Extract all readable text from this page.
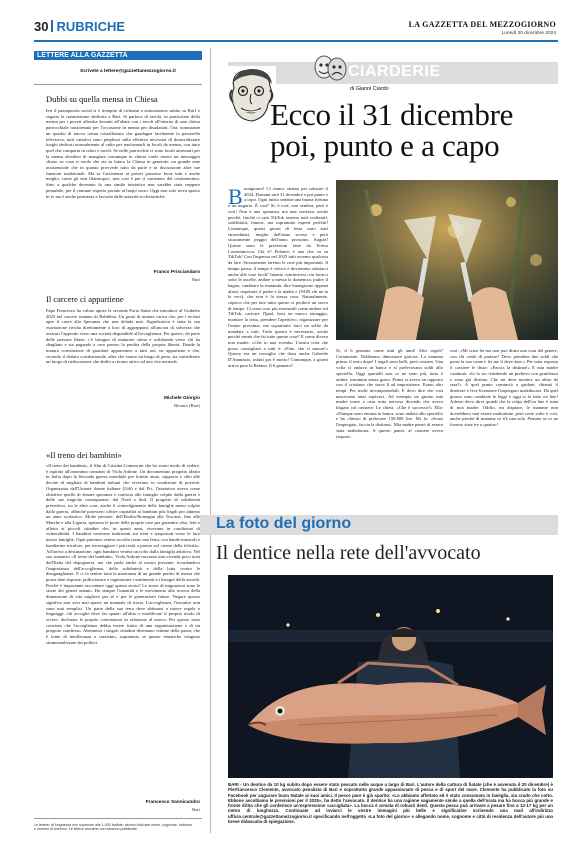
30 RUBRICHE	LA GAZZETTA DEL MEZZOGIORNO
Lunedì 30 dicembre 2024
LETTERE ALLA GAZZETTA
Scrivete a lettere@gazzettamezzogiorno.it
Dubbi su quella mensa in Chiesa
Ieri il passaparola social si è riempito di richiami a sintonizzarsi subito su Rai1 e seguire la trasmissione dedicata a Bari. Si parlava di tavola, in particolare della mensa per i poveri allestita davanti all'altare con i tavoli all'interno di una chiesa parrocchiale trasformata per l'occasione in mensa per disadattati. Ora, nonostante un quadro di nuovo ormai cristallizzato che guadagna facilmente la passerella televisiva, tutti cattolici sono perplessi sulla effettiva necessità di desacralizzare luoghi dedicati normalmente al culto per trasformarli in locali da mensa, con tutto quel che comporta in odori e tavoli. Se nelle parrocchie ci sono locali attrezzati per la mensa desidero di mangiare comunque in chiesa vuole essere un messaggio chiaro su cosa si vuole che sia in futuro la Chiesa in generale: un grande ente assistenziale che in quanto provvede tutto da parte e in discussione altre sue funzioni tradizionali. Ma se l'assistenza ai poveri passasse forse tutti e anche meglio, come gli enti filantropici, non così è per il contenuto del cristianesimo. Sino a qualche decennio fa una simile iniziativa non sarebbe stata neppure pensabile, per il comune rispetto portato al luogo sacro. Oggi non solo trova spazio in tv ma è anche permessa e favorita dalle autorità ecclesiastiche.
Franco Prisciandaro
Bari
Il carcere ci appartiene
Papa Francesco ha voluto aprire la seconda Porta Santa che introduce al Giubileo 2025 nel carcere romano di Rebibbia. Un gesto di unione carica che, per i reclusi apre il cuore alla Speranza che non delude mai. Significativa è stata la sua esortazione rivolta direttamente a loro di aggrapparsi all'ancora di salvezza che assicuri l'approdo verso una società disponibile all'accoglienza. Per questo, da parte delle persone libere, c'è bisogno di maturare stima e solidarietà verso chi ha sbagliato e sta pagando a caro prezzo la perdita della propria libertà. Donde la matura convinzione di guardare appartenere a tutti noi, ne appartiene e che, secondo il dettato costituzionale, altre che essere un luogo di pena, sia considerato un luogo di rieducazione che abiliti a ritorno attivo ad una vita normale.
Michele Giorgio
Bitonto (Bari)
«Il treno dei bambini»
«Il treno dei bambini», il film di Cristina Comencini che ho avuto modo di vedere, è ispirato all'omonimo romanzo di Viola Ardone. Un documentato progetto ideato in Italia dopo la Seconda guerra mondiale per fornire aiuto, supporto e cibo alle decine di migliaia di bambini italiani che vivevano in condizioni di povertà. Organizzata dall'Unione donne italiane (Udi) e dal Pci, l'iniziativa aveva come obiettivo quello di donare speranza e conforto alle famiglie colpite dalla guerra e dalle sue tragiche conseguenze, dal Nord a Sud. Il progetto di solidarietà prevedeva, tra le altre cose, anche il coinvolgimento delle famiglie meno colpite dalla guerra, affinché potessero offrire ospitalità ai bambini più fragili per almeno un anno scolastico. Molte persone, dell'Emilia-Romagna alla Toscana, fino alle Marche e alla Liguria, aprirono le porte delle proprie case per garantire cibo, letti e affetto ai piccoli cittadini che, in questi anni, vivevano in condizioni di vulnerabilità. I bambini venivano indirizzati sui treni e trasportati verso le loro nuove famiglie. Ogni partenza veniva accolta come una festa, con bande musicali e bandierine tricolore, per incoraggiare i più restii a partire sul «treno della felicità». All'arrivo a destinazione, ogni bambino veniva raccolto dalla famiglia adottiva. Nel suo romanzo «Il treno dei bambini», Viola Ardone racconta una vicenda poco nota dell'Italia del dopoguerra, ma che parla anche al nostro presente, ricordandoci l'importanza dell'accoglienza, della solidarietà e della lotta contro le disuguaglianze. E ci fa sentire tutta la mancanza di un grande partito di massa che possa dare risposte, politicizzare e organizzare i sentimenti e i bisogni della società. Perché è importante raccontare oggi questa storia? Le storie di migrazioni sono le storie dei generi umano. Ha sempre l'umanità e le movimento alla ricerca della dimensione di vita migliore per sé e per le generazioni future. Negare questo significa non aver mai aperto un manuale di storia. L'accoglienza, l'incontro non sono mai semplici. Un parte della sua terra deve abituarsi a nuove regole e linguaggi; chi accoglie deve far spazio all'altro e modificare il proprio modo di vivere, declinare le proprie convinzioni in relazione al nuovo. Per questo sono convinto che l'accoglienza debba essere frutto di una organizzazione e di un progetto condiviso. Altrimenti i singoli cittadini diventano vittime della paura, che è fonte di intolleranza e razzismo, soprattutto se queste tematiche vengono strumentalizzate dai politici.
Francesco Sannicandro
Bari
Le lettere, di lunghezza non superiore alle 1.000 battute, devono indicare nome, cognome, indirizzo e numero di telefono. Le lettere anonime non saranno pubblicate.
CIARDERIE
di Gianni Ciardo
Ecco il 31 dicembre
poi, punto e a capo
B uongiorno! Ci siamo: stiamo per salutare il 2024. Domani sarà 31 dicembre e poi punto e a capo. Ogni inizio sembra una buona fortuna o un augurio. È così? Sì, è così, non sembra, però è così! Non è una speranza, ma una certezza, anche perché, finché ci sarà TikTok saremo tutti realizzati, soddisfatti, famosi, ma soprattutto esperti perfetti! Comunque, questi giorni di festa sono stati straordinari, meglio dell'anno scorso e però sicuramente peggio dell'anno prossimo. Auguri! Queste sono le previsioni fatte da Teresa Lavenninocca. Chi è? Fidatevi è una che va su TikTok! Con l'ingresso nel 2025 tutti avremo qualcosa da fare. Sicuramente faremo le cose più importanti. Il tempo passa, il tempo è veloce e dovremmo adattarci anche alle cose facili! Intanto cominciresi con lavarci sotto le ascelle, andare a messa la domenica, pulire il bagno, cambiare la mutanda, dire buongiorno appena alzati, rispettare il padre e la madre e (NON chi ne fa le veci), che non è la stessa cosa. Naturalmente, capisco che per fare tutto questo ci perderò un sacco di tempo. Ci sono cose più essenziali come andare sul TikTok, caricare l'Ipad, farsi un nuovo tatuaggio, montare la testa, prendere l'aperitivo, organizzare per l'estate prossima, ma soprattutto farci un selfie da mandare a tutti. Tutto questo è necessario, anche perché sennò che fai tutte queste cose? E come diceva mia madre: «Che io una scenda» L'unica cosa che posso consigliare a tutti è: «Fate, che ci muore!» Questo era un consiglio che dava anche Gabriele D'Annunzio, infatti poi è morto! Comunque, a giorni arriva pure la Befana. Il 6 gennaio?
Sì, il 6 gennaio come tutti gli anni! Altri regali? Certamente. Dobbiamo dimostrare gioiosa. La mamma prima, il resto dopo! I regali sono belli, però costano. Una volta ci andava in banca e si prelevavano soldi allo sportello. Oggi sportelli non ce ne sono più, tutto è online, insomma senza gusto. Prima si aveva un rapporto con il cristiano che stava lì ad imposizione. Erano altri tempi. Per molti incomprensibili. E devo dire che così nascevano tanti equivoci. Ad esempio un giorno mia madre tornò a casa tutta nervosa dicendo che aveva litigato col cassiere. Le chiesi: «Che è successo?» Ella: «Dunque sono entrata in banca, sono andata allo sportello e ho chiesto di prelevare 150.000 lire. Mi fa: «Scusi l'impiegato, faccia la distinta». Mia madre pensò di essere stata maleducata. A questo punto, al cassiere aveva risposto
così: «Mi scusi lei ma non può dirmi una cosa del genere, con chi crede di parlare? Devo prendere due soldi che pensi la sua come e lei me li deve dare.» Per tutta risposta il cassiere le disse: «Faccia la distinta!» E mia madre continuò: «Io lo sto chiedendo un prelievo con gentilezza e sono già distinta. Che mi deve mettere un abito da sera?» A quel punto cominciò a gridare, chiamò il direttore e fece licenziare l'impiegato maleducato. Da quel giorno sono cambiate le leggi e oggi si fa tutto on line! Adesso devo dirvi quindi che la colpa dell'on line è stata di mia madre. Odifio, mi dispiace, le mamme non dovrebbero mai essere maltrattate, però certe volte è così, anche perché di mamme ce n'è una sola. Pensate se ce ne fossero state tre o quattro!
La foto del giorno
Il dentice nella rete dell'avvocato
BARI - Un dentice da 10 kg subito dopo essere stato pescato nelle acque a largo di Bari. L'autore della cattura di fiatate (che è avvenuta il 20 dicembre) è Pierfrancesco Clemente, avvocato penalista di Bari e soprattutto grande appassionato di pesca e di sport del mare. Clemente ha pubblicato la foto su Facebook per augurare buon Natale ai suoi amici. Il pesce pare è già sparito: «Lo abbiamo affettato ed è stato consumato in famiglia, sia crudo che cotto. Ebbene ascoltiamo le previsioni per il 2025», ha detto l'avvocato. Il dentice ha una ragione vagamente simile a quella dell'orata ma ha bocca più grande e fronte dritta che gli conferisce un'espressione «accigliata». La bocca è armata di robusti denti. Questa pesca può arrivare a pesare fino a 12-17 kg per un metro di lunghezza. Continuate ad inviarci le vostre immagini più belle e significative scrivendo una mail all'indirizzo ufficio.centrale@gazzettamezzogiorno.it specificando nell'oggetto «La foto del giorno» e allegando nome, cognome e città di residenza dell'autore più una breve didascalia di spiegazione.
